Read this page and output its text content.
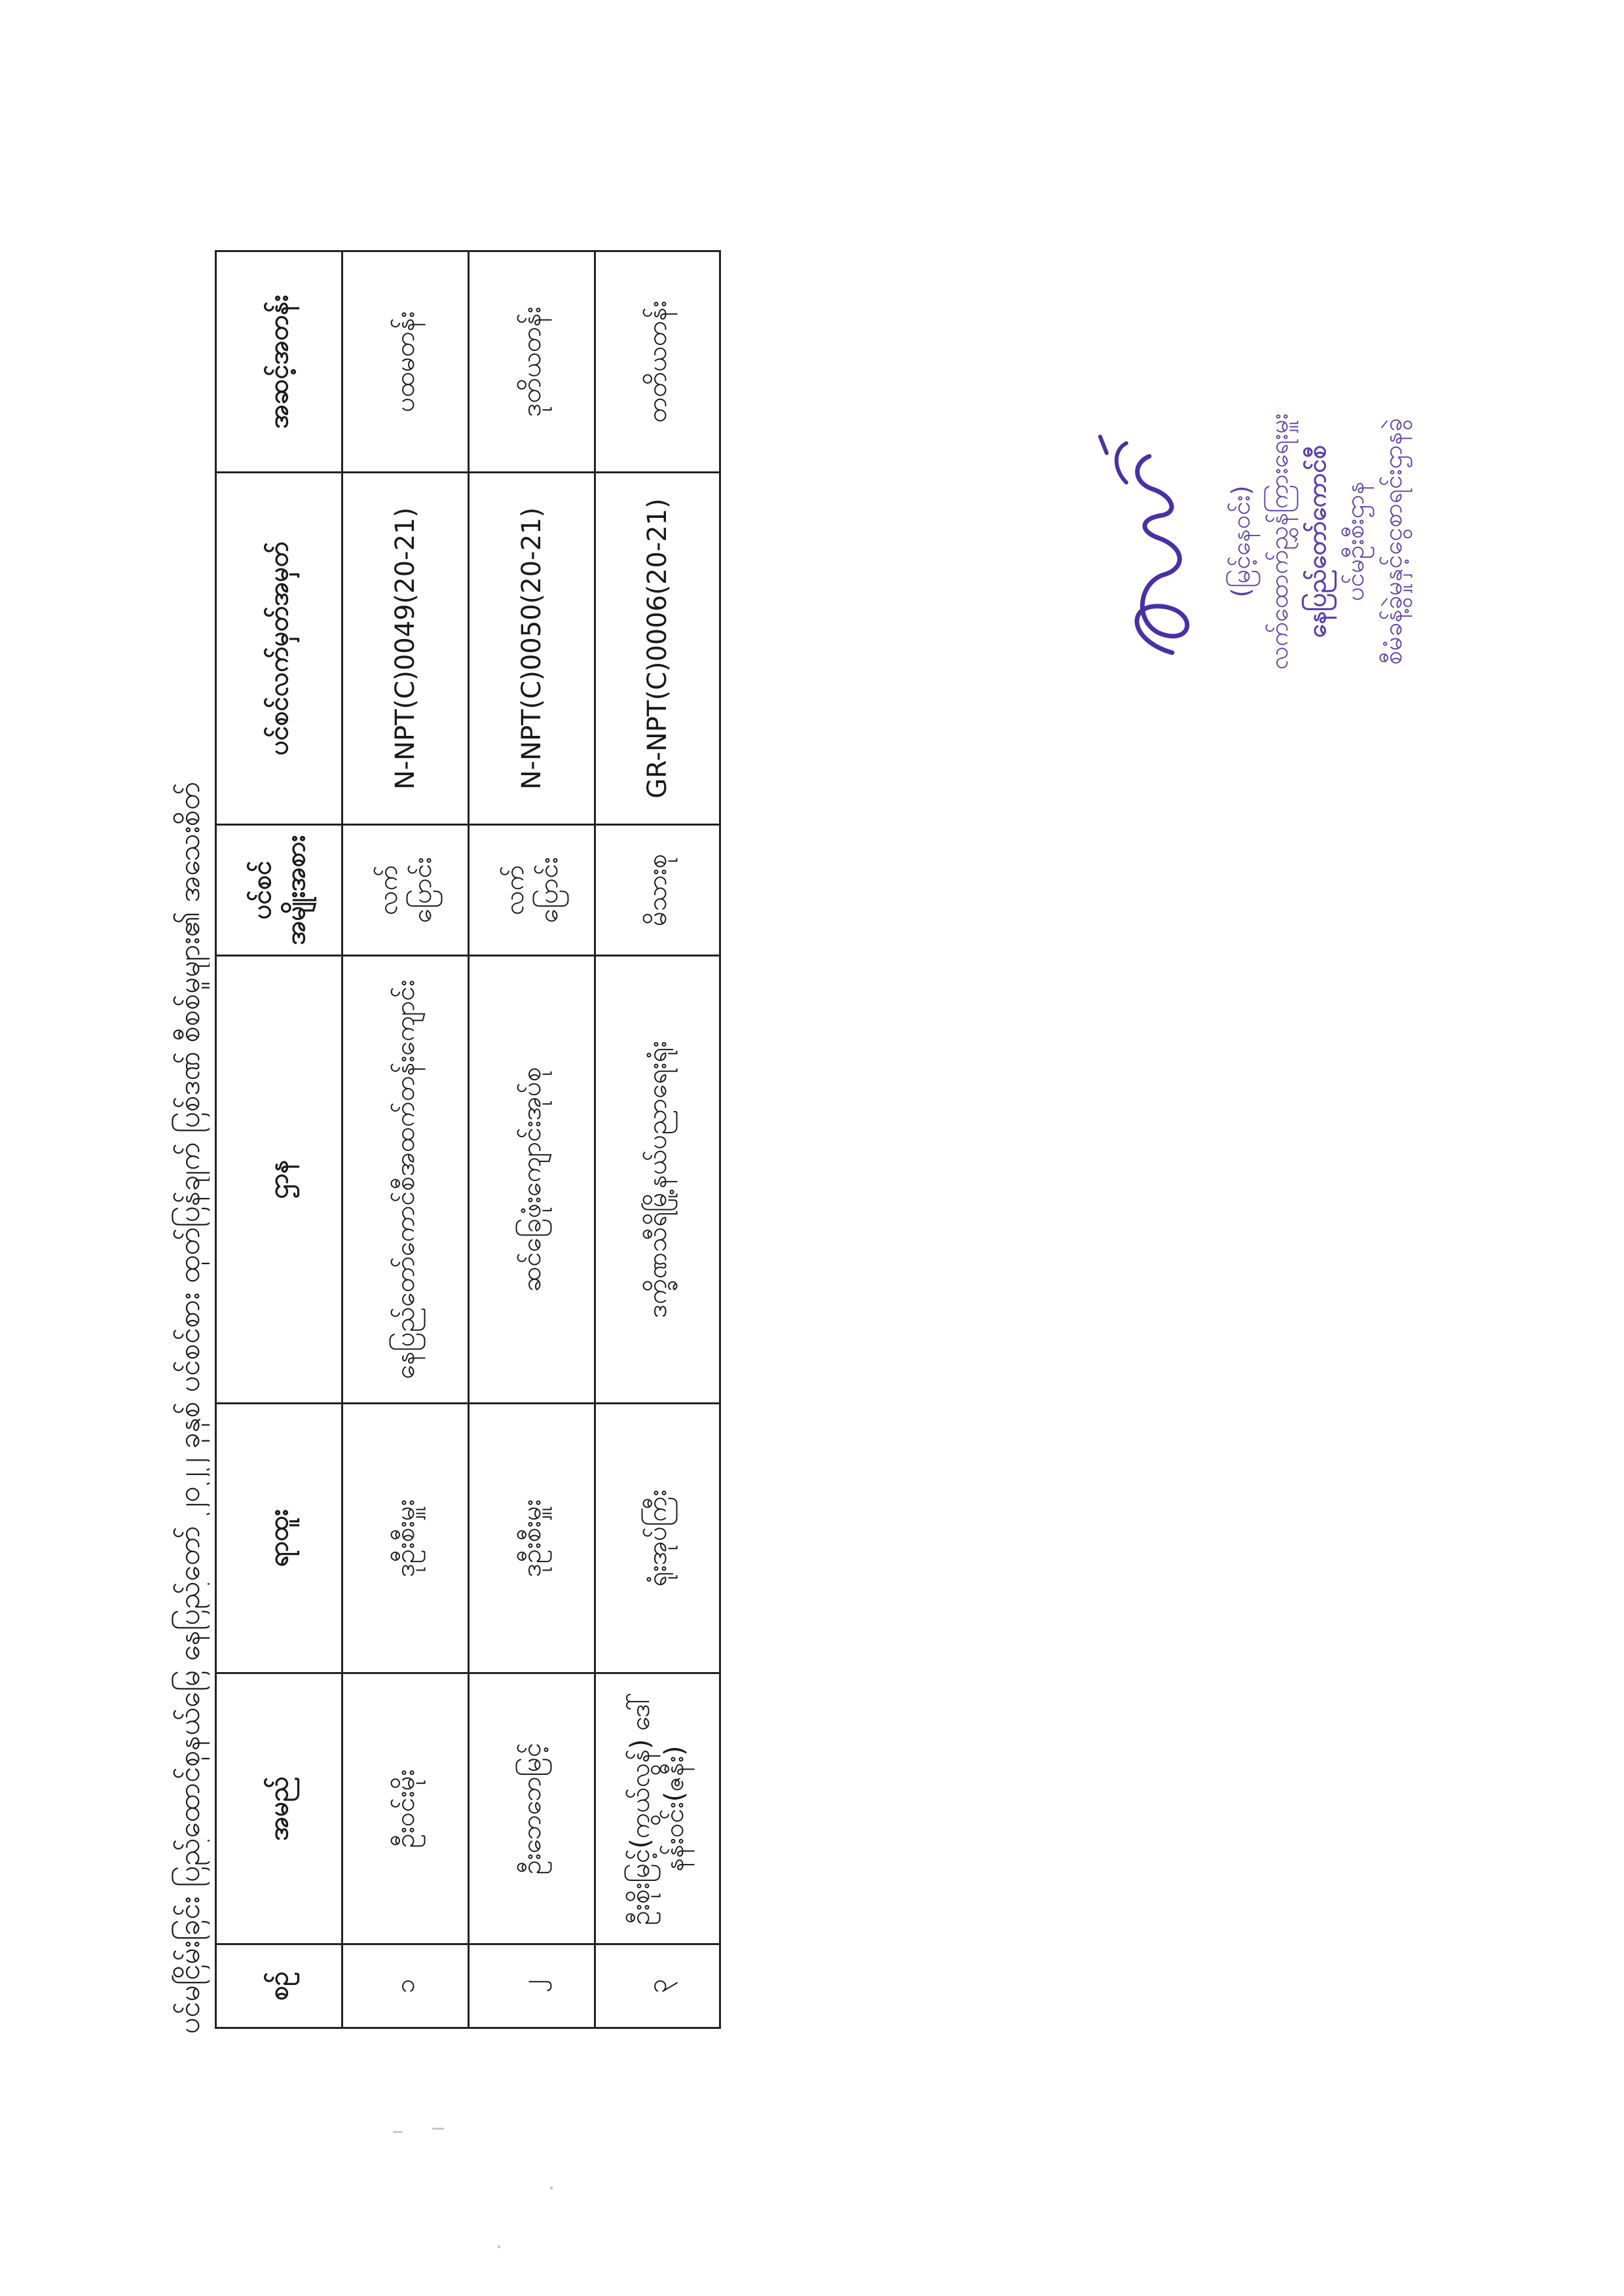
ပင်မငြိမ်းခြင်း ပြည်ထောင်စုနယ်မြေ နေပြည်တော် ၂၀၂၂ ခုနှစ် ပင်စင်စား ထုတ်ပြန်ချက် ပြစ်ဒဏ် စီစစ်မှုများ၏ အသေးစိတ် စဉ်	အမည်	ရာထူး	ဌာန	ပင်စင် အမျိုးအစား	ပင်စင်လက်မှတ်အမှတ်	အဆင့်အတန်း
၁	ဦးဝင်းမိုး	ဒုဦးစီးမှူး	နေပြည်တော်ကောင်စီအထက်တန်းကျောင်း	လက်ပြောင်း	N-NPT(C)0049(20-21)	ပထမတန်း
၂	ဦးဘေဘေမြင့်	ဒုဦးစီးမှူး	ဆင်ခြေဖုံးကျောင်းအုပ်စု	လက်ပြောင်း	N-NPT(C)0050(20-21)	ဒုတိယတန်း
၃	ဦးစိုးမြင့်(ကွယ်လွန်) ဒေါ်နန်းဝင်း(ဇနီး)	ရုံးအုပ်ကြီး	ဒက္ခိဏသီရိမြို့နယ်ပညာရေးရုံး	မိသားစု	GR-NPT(C)0006(20-21)	တတိယတန်း
(မြင့်နေဝင်း) လက်ထောက်ညွှန်ကြားရေးမှူး နေပြည်တော်ကောင်စီ ပင်မဦးစီးဌာန စီမံခန့်ခွဲမှုနှင့်ငွေစာရင်းဌာနခွဲ
